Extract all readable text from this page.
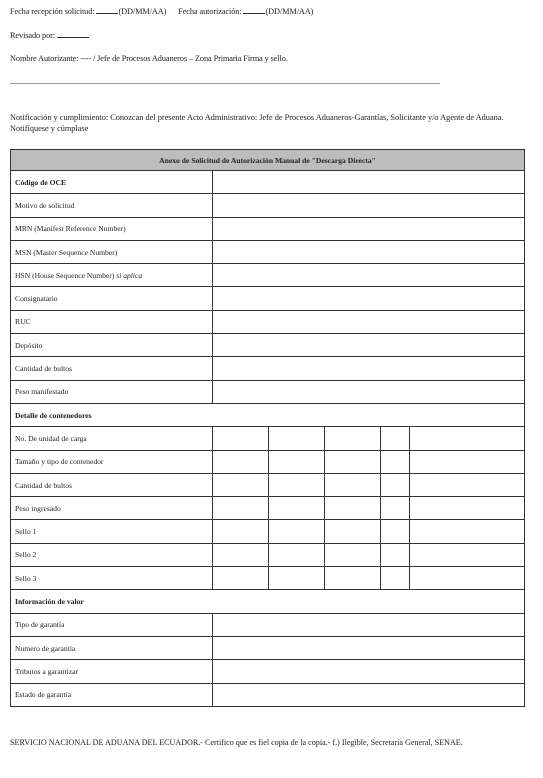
Fecha recepción solicitud:	(DD/MM/AA) Fecha autorización:	(DD/MM/AA)
Revisado por:
Nombre Autorizante: ---- / Jefe de Procesos Aduaneros – Zona Primaria Firma y sello.
Notificación y cumplimiento: Conozcan del presente Acto Administrativo: Jefe de Procesos Aduaneros-Garantías, Solicitante y/o Agente de Aduana. Notifíquese y cúmplase
Anexo de Solicitud de Autorización Manual de "Descarga Directa"					
Código de OCE					
Motivo de solicitud					
MRN (Manifest Reference Number)					
MSN (Master Sequence Number)					
HSN (House Sequence Number) si aplica					
Consignatario					
RUC					
Depósito					
Cantidad de bultos					
Peso manifestado					
Detalle de contenedores					
No. De unidad de carga					
Tamaño y tipo de contenedor					
Cantidad de bultos					
Peso ingresado					
Sello 1					
Sello 2					
Sello 3					
Información de valor					
Tipo de garantía					
Numero de garantía					
Tributos a garantizar					
Estado de garantía					
SERVICIO NACIONAL DE ADUANA DEL ECUADOR.- Certifico que es fiel copia de la copia.- f.) Ilegible, Secretaría General, SENAE.
